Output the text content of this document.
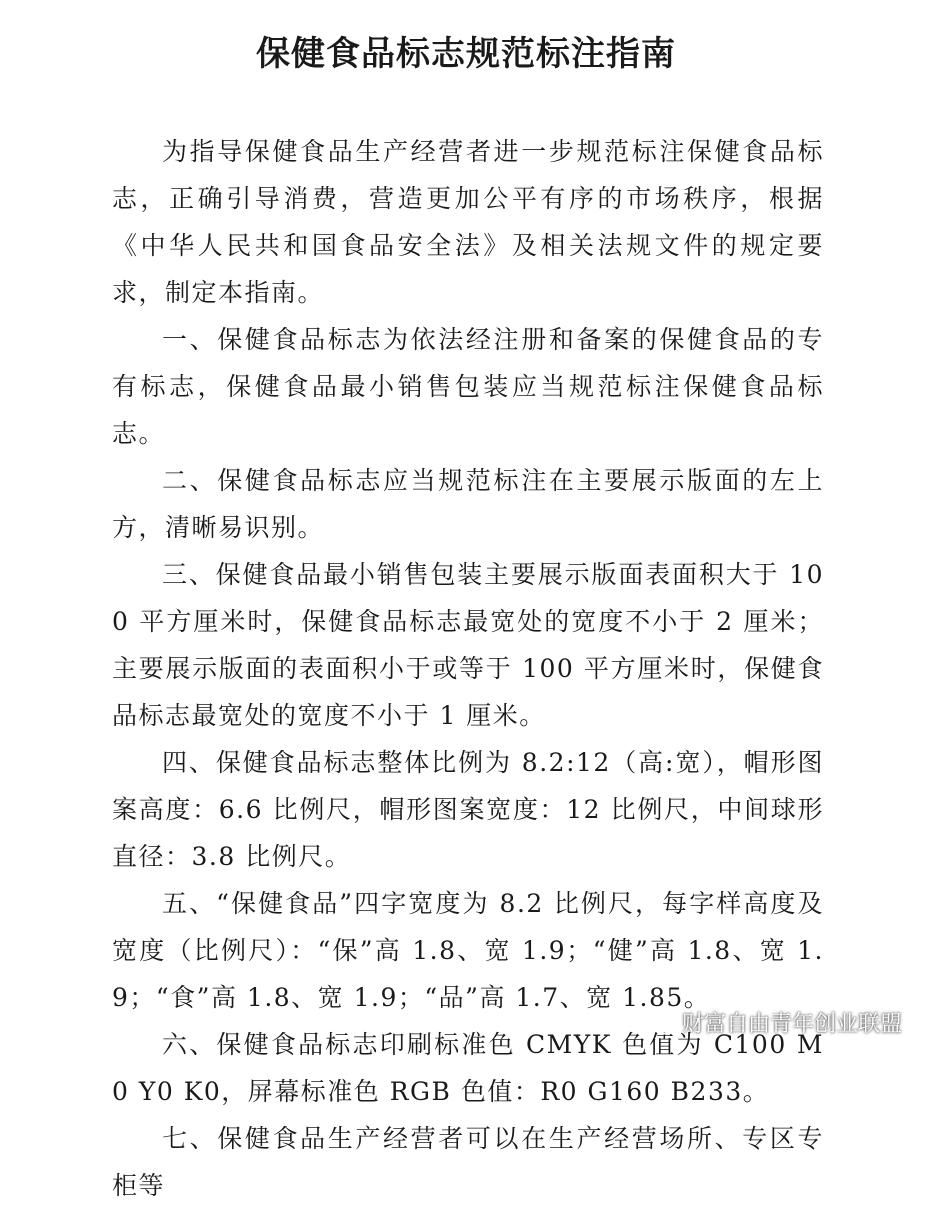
保健食品标志规范标注指南

为指导保健食品生产经营者进一步规范标注保健食品标志，正确引导消费，营造更加公平有序的市场秩序，根据《中华人民共和国食品安全法》及相关法规文件的规定要求，制定本指南。

一、保健食品标志为依法经注册和备案的保健食品的专有标志，保健食品最小销售包装应当规范标注保健食品标志。

二、保健食品标志应当规范标注在主要展示版面的左上方，清晰易识别。

三、保健食品最小销售包装主要展示版面表面积大于 100 平方厘米时，保健食品标志最宽处的宽度不小于 2 厘米；主要展示版面的表面积小于或等于 100 平方厘米时，保健食品标志最宽处的宽度不小于 1 厘米。

四、保健食品标志整体比例为 8.2:12（高:宽），帽形图案高度：6.6 比例尺，帽形图案宽度：12 比例尺，中间球形直径：3.8 比例尺。

五、“保健食品”四字宽度为 8.2 比例尺，每字样高度及宽度（比例尺）：“保”高 1.8、宽 1.9；“健”高 1.8、宽 1.9；“食”高 1.8、宽 1.9；“品”高 1.7、宽 1.85。

六、保健食品标志印刷标准色 CMYK 色值为 C100 M0 Y0 K0，屏幕标准色 RGB 色值：R0 G160 B233。

七、保健食品生产经营者可以在生产经营场所、专区专柜等

财富自由青年创业联盟
